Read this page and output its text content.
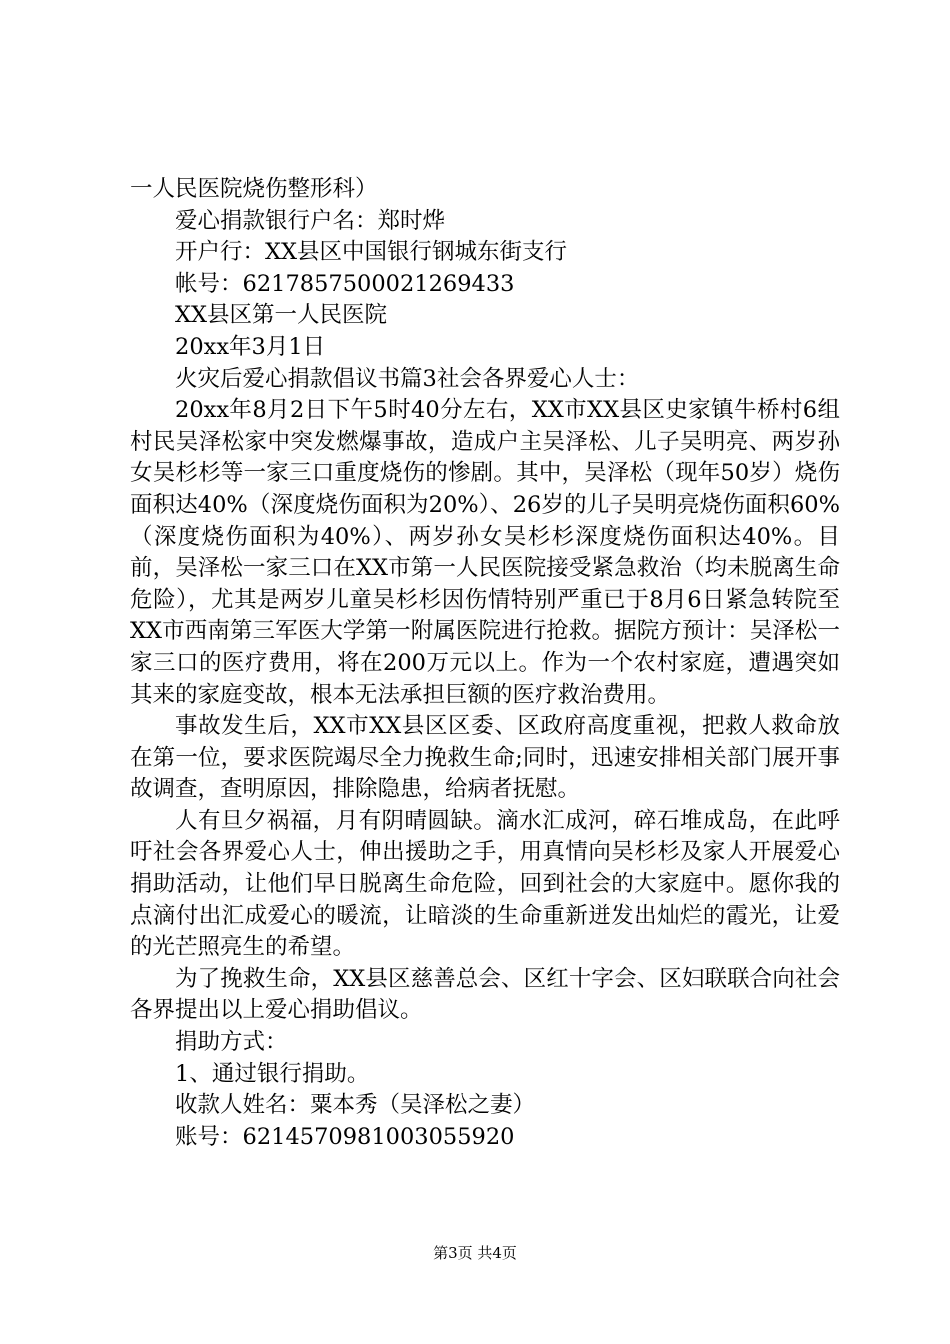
一人民医院烧伤整形科）
爱心捐款银行户名：郑时烨
开户行：XX县区中国银行钢城东街支行
帐号：6217857500021269433
XX县区第一人民医院
20xx年3月1日
火灾后爱心捐款倡议书篇3社会各界爱心人士：

20xx年8月2日下午5时40分左右，XX市XX县区史家镇牛桥村6组村民吴泽松家中突发燃爆事故，造成户主吴泽松、儿子吴明亮、两岁孙女吴杉杉等一家三口重度烧伤的惨剧。其中，吴泽松（现年50岁）烧伤面积达40%（深度烧伤面积为20%）、26岁的儿子吴明亮烧伤面积60%（深度烧伤面积为40%）、两岁孙女吴杉杉深度烧伤面积达40%。目前，吴泽松一家三口在XX市第一人民医院接受紧急救治（均未脱离生命危险），尤其是两岁儿童吴杉杉因伤情特别严重已于8月6日紧急转院至XX市西南第三军医大学第一附属医院进行抢救。据院方预计：吴泽松一家三口的医疗费用，将在200万元以上。作为一个农村家庭，遭遇突如其来的家庭变故，根本无法承担巨额的医疗救治费用。

事故发生后，XX市XX县区区委、区政府高度重视，把救人救命放在第一位，要求医院竭尽全力挽救生命;同时，迅速安排相关部门展开事故调查，查明原因，排除隐患，给病者抚慰。

人有旦夕祸福，月有阴晴圆缺。滴水汇成河，碎石堆成岛，在此呼吁社会各界爱心人士，伸出援助之手，用真情向吴杉杉及家人开展爱心捐助活动，让他们早日脱离生命危险，回到社会的大家庭中。愿你我的点滴付出汇成爱心的暖流，让暗淡的生命重新迸发出灿烂的霞光，让爱的光芒照亮生的希望。

为了挽救生命，XX县区慈善总会、区红十字会、区妇联联合向社会各界提出以上爱心捐助倡议。

捐助方式：
1、通过银行捐助。
收款人姓名：粟本秀（吴泽松之妻）
账号：6214570981003055920
第3页 共4页
